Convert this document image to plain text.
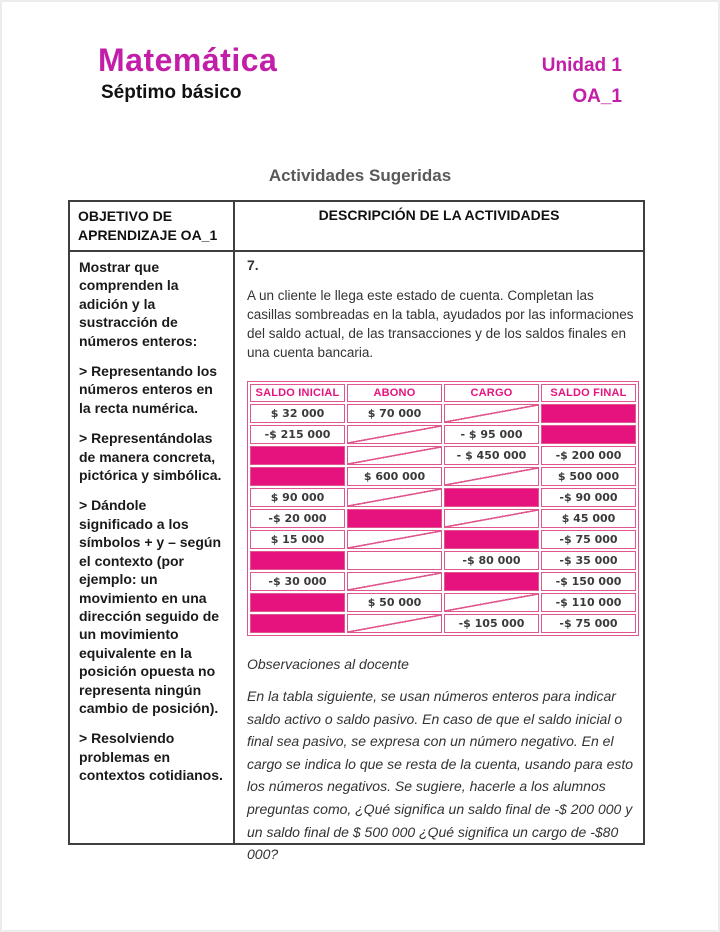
Matemática
Séptimo básico
Unidad 1
OA_1
Actividades Sugeridas
OBJETIVO DE APRENDIZAJE OA_1
DESCRIPCIÓN DE LA ACTIVIDADES

Mostrar que comprenden la adición y la sustracción de números enteros:

> Representando los números enteros en la recta numérica.

> Representándolas de manera concreta, pictórica y simbólica.

> Dándole significado a los símbolos + y – según el contexto (por ejemplo: un movimiento en una dirección seguido de un movimiento equivalente en la posición opuesta no representa ningún cambio de posición).

> Resolviendo problemas en contextos cotidianos.

7.

A un cliente le llega este estado de cuenta. Completan las casillas sombreadas en la tabla, ayudados por las informaciones del saldo actual, de las transacciones y de los saldos finales en una cuenta bancaria.

SALDO INICIAL	ABONO	CARGO	SALDO FINAL
$ 32 000	$ 70 000		
-$ 215 000		- $ 95 000	
		- $ 450 000	-$ 200 000
	$ 600 000		$ 500 000
$ 90 000			-$ 90 000
-$ 20 000			$ 45 000
$ 15 000			-$ 75 000
		-$ 80 000	-$ 35 000
-$ 30 000			-$ 150 000
	$ 50 000		-$ 110 000
		-$ 105 000	-$ 75 000

Observaciones al docente

En la tabla siguiente, se usan números enteros para indicar saldo activo o saldo pasivo. En caso de que el saldo inicial o final sea pasivo, se expresa con un número negativo. En el cargo se indica lo que se resta de la cuenta, usando para esto los números negativos. Se sugiere, hacerle a los alumnos preguntas como, ¿Qué significa un saldo final de -$ 200 000 y un saldo final de $ 500 000 ¿Qué significa un cargo de -$80 000?
